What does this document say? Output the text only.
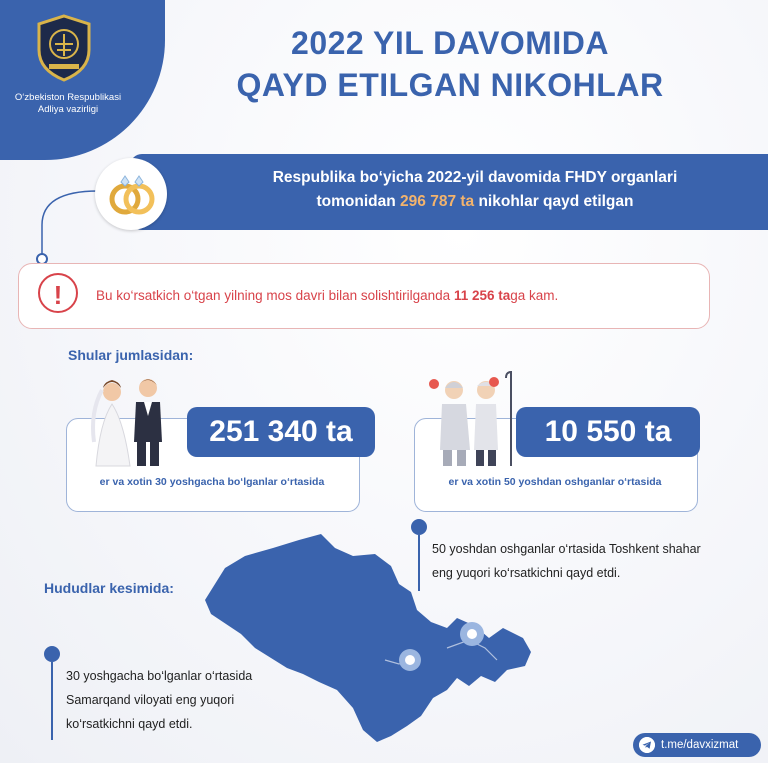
O‘zbekiston Respublikasi
Adliya vazirligi
2022 YIL DAVOMIDA
QAYD ETILGAN NIKOHLAR
Respublika bo‘yicha 2022-yil davomida FHDY organlari
tomonidan 296 787 ta nikohlar qayd etilgan
!	Bu ko‘rsatkich o‘tgan yilning mos davri bilan solishtirilganda 11 256 taga kam.
Shular jumlasidan:
251 340 ta
er va xotin 30 yoshgacha bo‘lganlar o‘rtasida
10 550 ta
er va xotin 50 yoshdan oshganlar o‘rtasida
Hududlar kesimida:
50 yoshdan oshganlar o‘rtasida Toshkent shahar
eng yuqori ko‘rsatkichni qayd etdi.
30 yoshgacha bo‘lganlar o‘rtasida
Samarqand viloyati eng yuqori
ko‘rsatkichni qayd etdi.
t.me/davxizmat
